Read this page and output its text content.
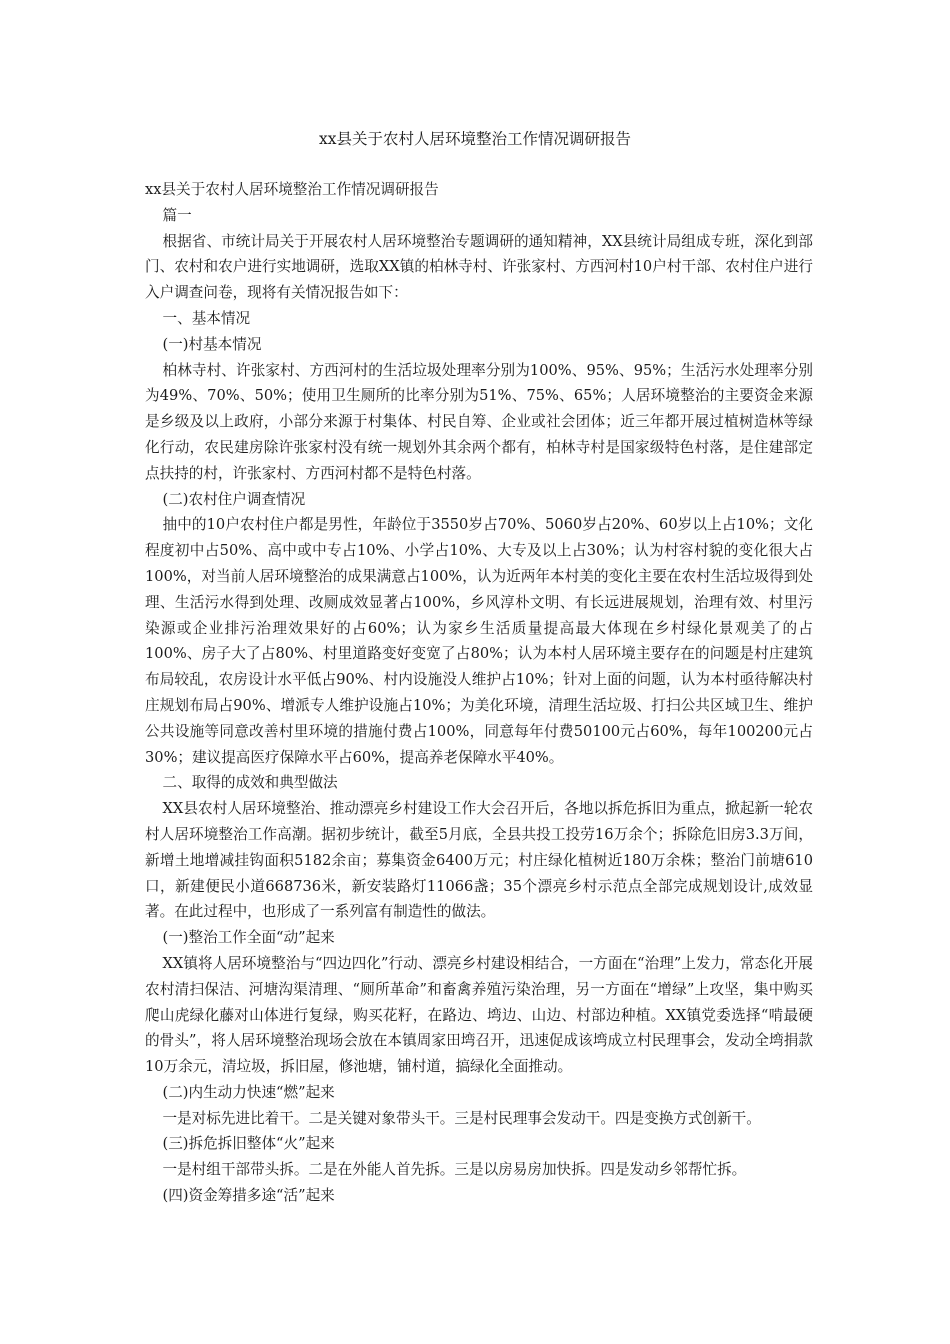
xx县关于农村人居环境整治工作情况调研报告

xx县关于农村人居环境整治工作情况调研报告

篇一

根据省、市统计局关于开展农村人居环境整治专题调研的通知精神，XX县统计局组成专班，深化到部门、农村和农户进行实地调研，选取XX镇的柏林寺村、许张家村、方西河村10户村干部、农村住户进行入户调查问卷，现将有关情况报告如下：

一、基本情况

(一)村基本情况

柏林寺村、许张家村、方西河村的生活垃圾处理率分别为100%、95%、95%；生活污水处理率分别为49%、70%、50%；使用卫生厕所的比率分别为51%、75%、65%；人居环境整治的主要资金来源是乡级及以上政府，小部分来源于村集体、村民自筹、企业或社会团体；近三年都开展过植树造林等绿化行动，农民建房除许张家村没有统一规划外其余两个都有，柏林寺村是国家级特色村落，是住建部定点扶持的村，许张家村、方西河村都不是特色村落。

(二)农村住户调查情况

抽中的10户农村住户都是男性，年龄位于3550岁占70%、5060岁占20%、60岁以上占10%；文化程度初中占50%、高中或中专占10%、小学占10%、大专及以上占30%；认为村容村貌的变化很大占100%，对当前人居环境整治的成果满意占100%，认为近两年本村美的变化主要在农村生活垃圾得到处理、生活污水得到处理、改厕成效显著占100%，乡风淳朴文明、有长远进展规划，治理有效、村里污染源或企业排污治理效果好的占60%；认为家乡生活质量提高最大体现在乡村绿化景观美了的占100%、房子大了占80%、村里道路变好变宽了占80%；认为本村人居环境主要存在的问题是村庄建筑布局较乱，农房设计水平低占90%、村内设施没人维护占10%；针对上面的问题，认为本村亟待解决村庄规划布局占90%、增派专人维护设施占10%；为美化环境，清理生活垃圾、打扫公共区域卫生、维护公共设施等同意改善村里环境的措施付费占100%，同意每年付费50100元占60%，每年100200元占30%；建议提高医疗保障水平占60%，提高养老保障水平40%。

二、取得的成效和典型做法

XX县农村人居环境整治、推动漂亮乡村建设工作大会召开后，各地以拆危拆旧为重点，掀起新一轮农村人居环境整治工作高潮。据初步统计，截至5月底，全县共投工投劳16万余个；拆除危旧房3.3万间，新增土地增减挂钩面积5182余亩；募集资金6400万元；村庄绿化植树近180万余株；整治门前塘610口，新建便民小道668736米，新安装路灯11066盏；35个漂亮乡村示范点全部完成规划设计,成效显著。在此过程中，也形成了一系列富有制造性的做法。

(一)整治工作全面“动”起来

XX镇将人居环境整治与“四边四化”行动、漂亮乡村建设相结合，一方面在“治理”上发力，常态化开展农村清扫保洁、河塘沟渠清理、“厕所革命”和畜禽养殖污染治理，另一方面在“增绿”上攻坚，集中购买爬山虎绿化藤对山体进行复绿，购买花籽，在路边、塆边、山边、村部边种植。XX镇党委选择“啃最硬的骨头”，将人居环境整治现场会放在本镇周家田塆召开，迅速促成该塆成立村民理事会，发动全塆捐款10万余元，清垃圾，拆旧屋，修池塘，铺村道，搞绿化全面推动。

(二)内生动力快速“燃”起来

一是对标先进比着干。二是关键对象带头干。三是村民理事会发动干。四是变换方式创新干。

(三)拆危拆旧整体“火”起来

一是村组干部带头拆。二是在外能人首先拆。三是以房易房加快拆。四是发动乡邻帮忙拆。

(四)资金筹措多途“活”起来
